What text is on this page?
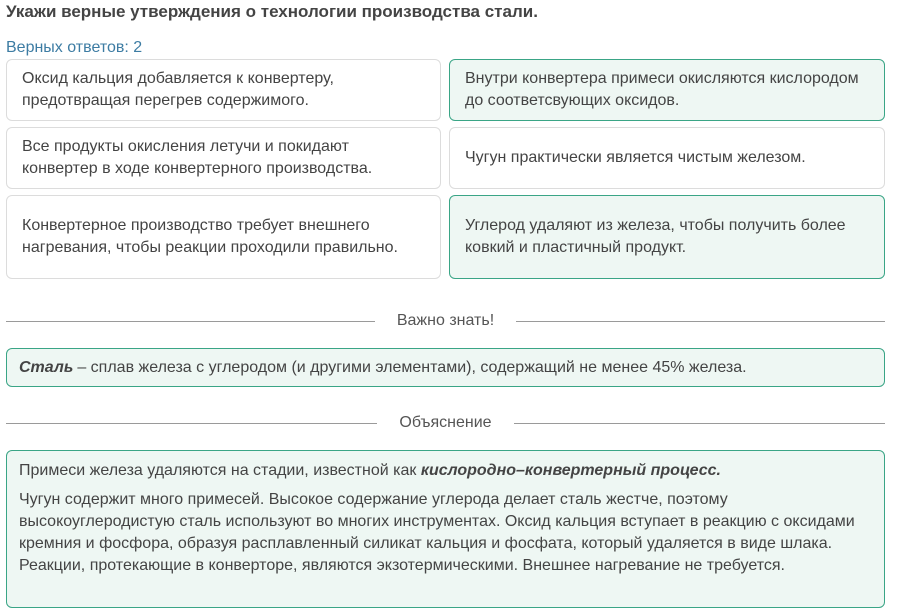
Укажи верные утверждения о технологии производства стали.
Верных ответов: 2
Оксид кальция добавляется к конвертеру, предотвращая перегрев содержимого.
Внутри конвертера примеси окисляются кислородом до соответсвующих оксидов.
Все продукты окисления летучи и покидают конвертер в ходе конвертерного производства.
Чугун практически является чистым железом.
Конвертерное производство требует внешнего нагревания, чтобы реакции проходили правильно.
Углерод удаляют из железа, чтобы получить более ковкий и пластичный продукт.
Важно знать!
Сталь – сплав железа с углеродом (и другими элементами), содержащий не менее 45% железа.
Объяснение

Примеси железа удаляются на стадии, известной как кислородно–конвертерный процесс.

Чугун содержит много примесей. Высокое содержание углерода делает сталь жестче, поэтому высокоуглеродистую сталь используют во многих инструментах. Оксид кальция вступает в реакцию с оксидами кремния и фосфора, образуя расплавленный силикат кальция и фосфата, который удаляется в виде шлака. Реакции, протекающие в конверторе, являются экзотермическими. Внешнее нагревание не требуется.
